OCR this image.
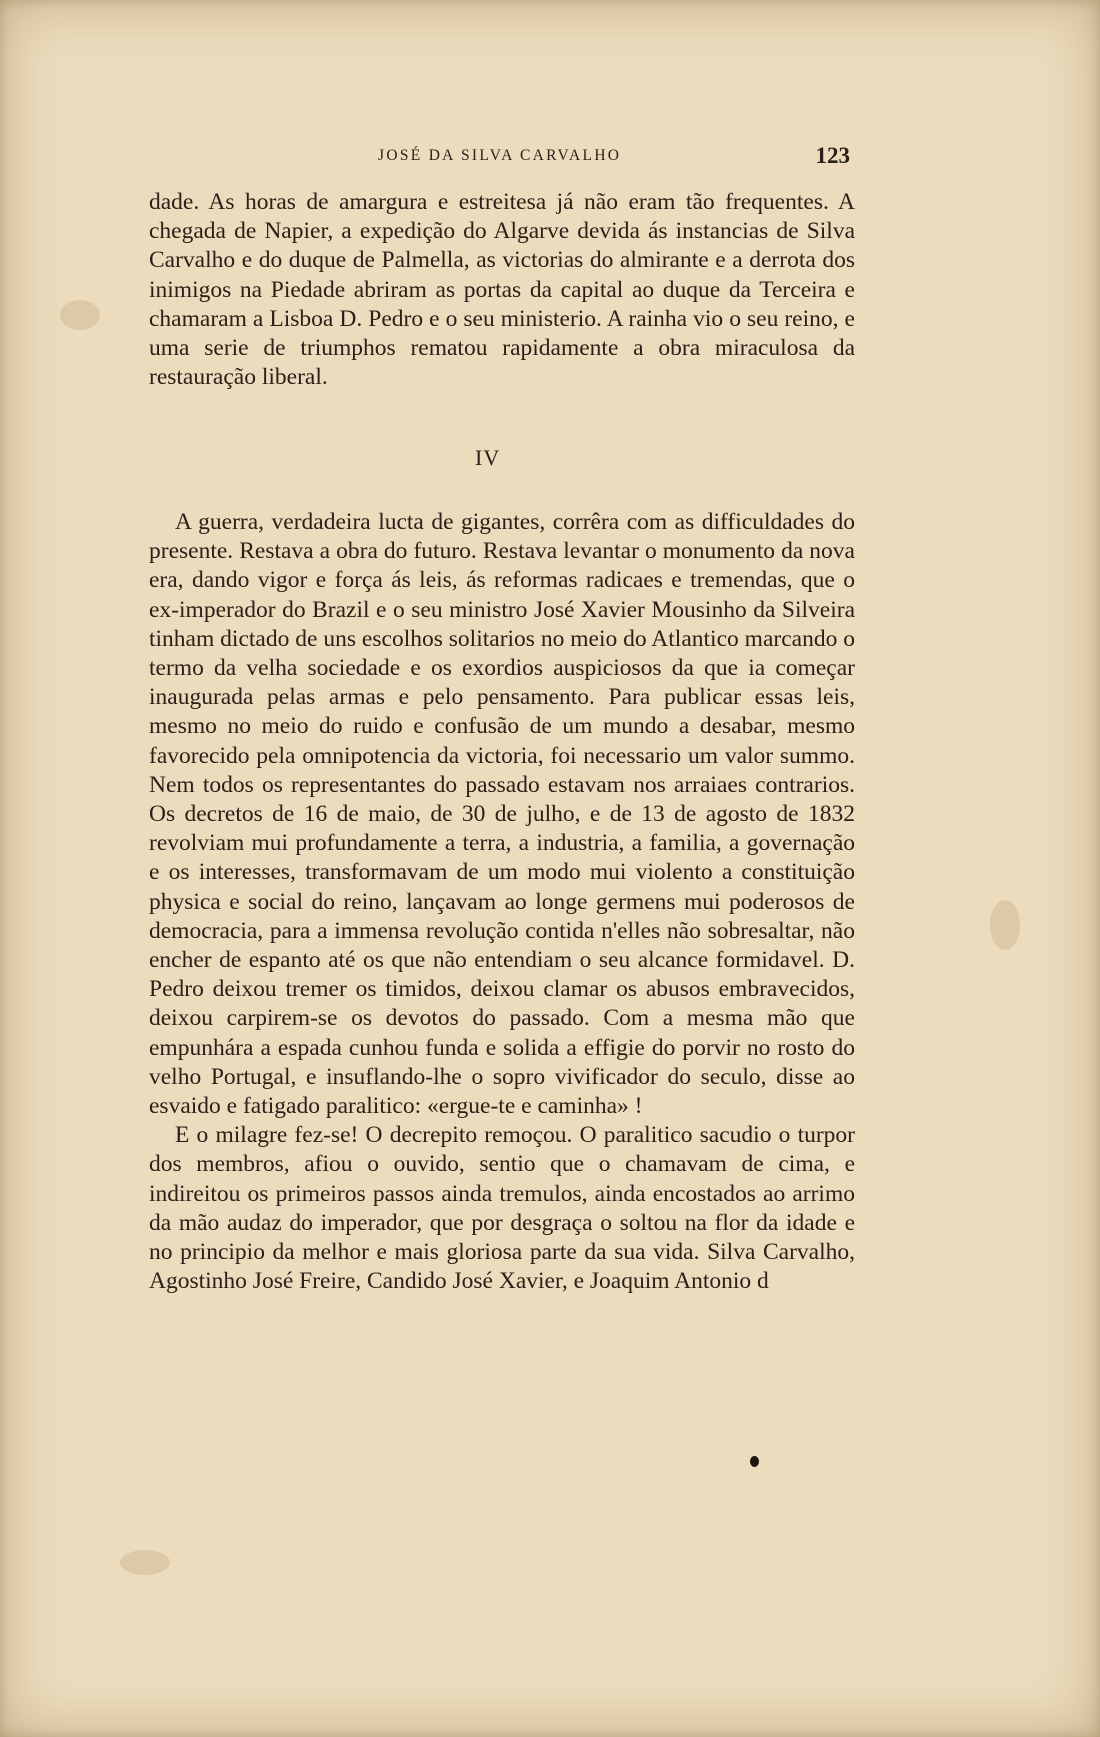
JOSÉ DA SILVA CARVALHO	123

dade. As horas de amargura e estreitesa já não eram tão frequentes. A chegada de Napier, a expedição do Algarve devida ás instancias de Silva Carvalho e do duque de Palmella, as victorias do almirante e a derrota dos inimigos na Piedade abriram as portas da capital ao duque da Terceira e chamaram a Lisboa D. Pedro e o seu ministerio. A rainha vio o seu reino, e uma serie de triumphos rematou rapidamente a obra miraculosa da restauração liberal.

IV

A guerra, verdadeira lucta de gigantes, corrêra com as difficuldades do presente. Restava a obra do futuro. Restava levantar o monumento da nova era, dando vigor e força ás leis, ás reformas radicaes e tremendas, que o ex-imperador do Brazil e o seu ministro José Xavier Mousinho da Silveira tinham dictado de uns escolhos solitarios no meio do Atlantico marcando o termo da velha sociedade e os exordios auspiciosos da que ia começar inaugurada pelas armas e pelo pensamento. Para publicar essas leis, mesmo no meio do ruido e confusão de um mundo a desabar, mesmo favorecido pela omnipotencia da victoria, foi necessario um valor summo. Nem todos os representantes do passado estavam nos arraiaes contrarios. Os decretos de 16 de maio, de 30 de julho, e de 13 de agosto de 1832 revolviam mui profundamente a terra, a industria, a familia, a governação e os interesses, transformavam de um modo mui violento a constituição physica e social do reino, lançavam ao longe germens mui poderosos de democracia, para a immensa revolução contida n'elles não sobresaltar, não encher de espanto até os que não entendiam o seu alcance formidavel. D. Pedro deixou tremer os timidos, deixou clamar os abusos embravecidos, deixou carpirem-se os devotos do passado. Com a mesma mão que empunhára a espada cunhou funda e solida a effigie do porvir no rosto do velho Portugal, e insuflando-lhe o sopro vivificador do seculo, disse ao esvaido e fatigado paralitico: «ergue-te e caminha» !

E o milagre fez-se! O decrepito remoçou. O paralitico sacudio o turpor dos membros, afiou o ouvido, sentio que o chamavam de cima, e indireitou os primeiros passos ainda tremulos, ainda encostados ao arrimo da mão audaz do imperador, que por desgraça o soltou na flor da idade e no principio da melhor e mais gloriosa parte da sua vida. Silva Carvalho, Agostinho José Freire, Candido José Xavier, e Joaquim Antonio d
